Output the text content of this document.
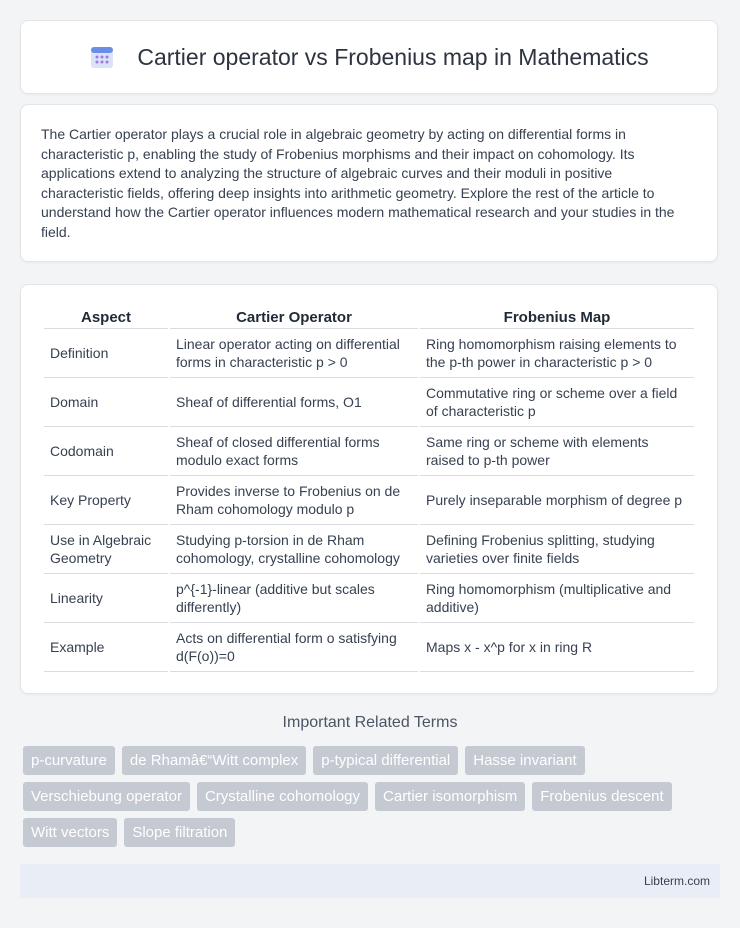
Cartier operator vs Frobenius map in Mathematics

The Cartier operator plays a crucial role in algebraic geometry by acting on differential forms in characteristic p, enabling the study of Frobenius morphisms and their impact on cohomology. Its applications extend to analyzing the structure of algebraic curves and their moduli in positive characteristic fields, offering deep insights into arithmetic geometry. Explore the rest of the article to understand how the Cartier operator influences modern mathematical research and your studies in the field.

Aspect	Cartier Operator	Frobenius Map
Definition	Linear operator acting on differential forms in characteristic p > 0	Ring homomorphism raising elements to the p-th power in characteristic p > 0
Domain	Sheaf of differential forms, O1	Commutative ring or scheme over a field of characteristic p
Codomain	Sheaf of closed differential forms modulo exact forms	Same ring or scheme with elements raised to p-th power
Key Property	Provides inverse to Frobenius on de Rham cohomology modulo p	Purely inseparable morphism of degree p
Use in Algebraic Geometry	Studying p-torsion in de Rham cohomology, crystalline cohomology	Defining Frobenius splitting, studying varieties over finite fields
Linearity	p^{-1}-linear (additive but scales differently)	Ring homomorphism (multiplicative and additive)
Example	Acts on differential form o satisfying d(F(o))=0	Maps x - x^p for x in ring R
Important Related Terms
p-curvature	de Rhamâ€“Witt complex	p-typical differential	Hasse invariant
Verschiebung operator	Crystalline cohomology	Cartier isomorphism	Frobenius descent
Witt vectors	Slope filtration
Libterm.com
